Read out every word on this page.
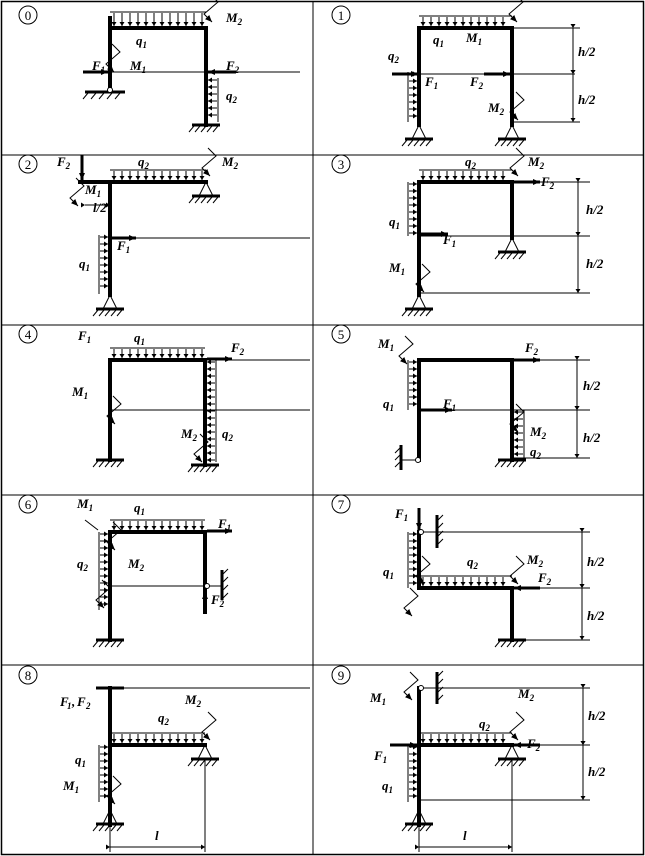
0	1
2	3
4	5
6	7
8	9
$M_2$
$q_1$
$F_1$ $M_1$	$F_2$
$q_2$
$q_1$ $M_1$
$q_2$
$F_1$ $F_2$
$M_2$
h/2
h/2
$F_2$	$q_2$	$M_2$
$M_1$
l/2
$F_1$
$q_1$
$q_2$	$M_2$
$F_2$
$q_1$
$F_1$
$M_1$
h/2
h/2
$F_1$	$q_1$	$F_2$
$M_1$
$M_2$ $q_2$
$M_1$	$F_2$
$q_1$	$F_1$
$M_2$
$q_2$
h/2
h/2
$M_1$	$q_1$
$F_1$
$q_2$	$M_2$
$F_2$
$F_1$
$q_1$
$q_2$	$M_2$
$F_2$
h/2
h/2
F
1 , F 2	$M_2$
$q_2$
$q_1$
$M_1$
l
$M_1$
$M_2$
$q_2$
$F_2$
$F_1$
$q_1$
h/2
h/2
l
